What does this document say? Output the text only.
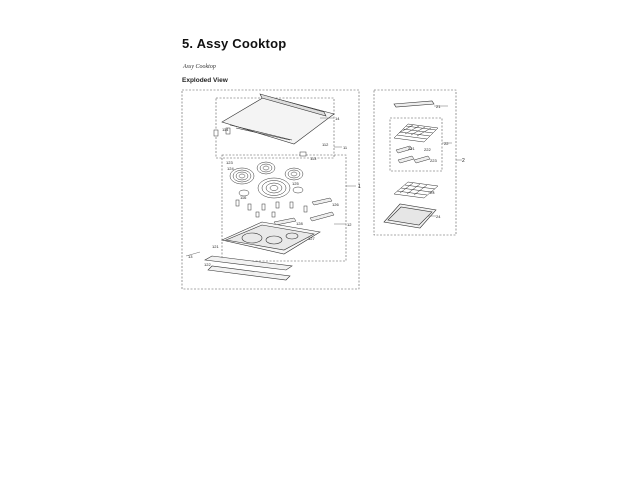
5. Assy Cooktop
Assy Cooktop
Exploded View
14
11
114
112
113
123
124
125
116
126
128
127
121
122
1
12
13
2
21
22
221 222
223
23
24
